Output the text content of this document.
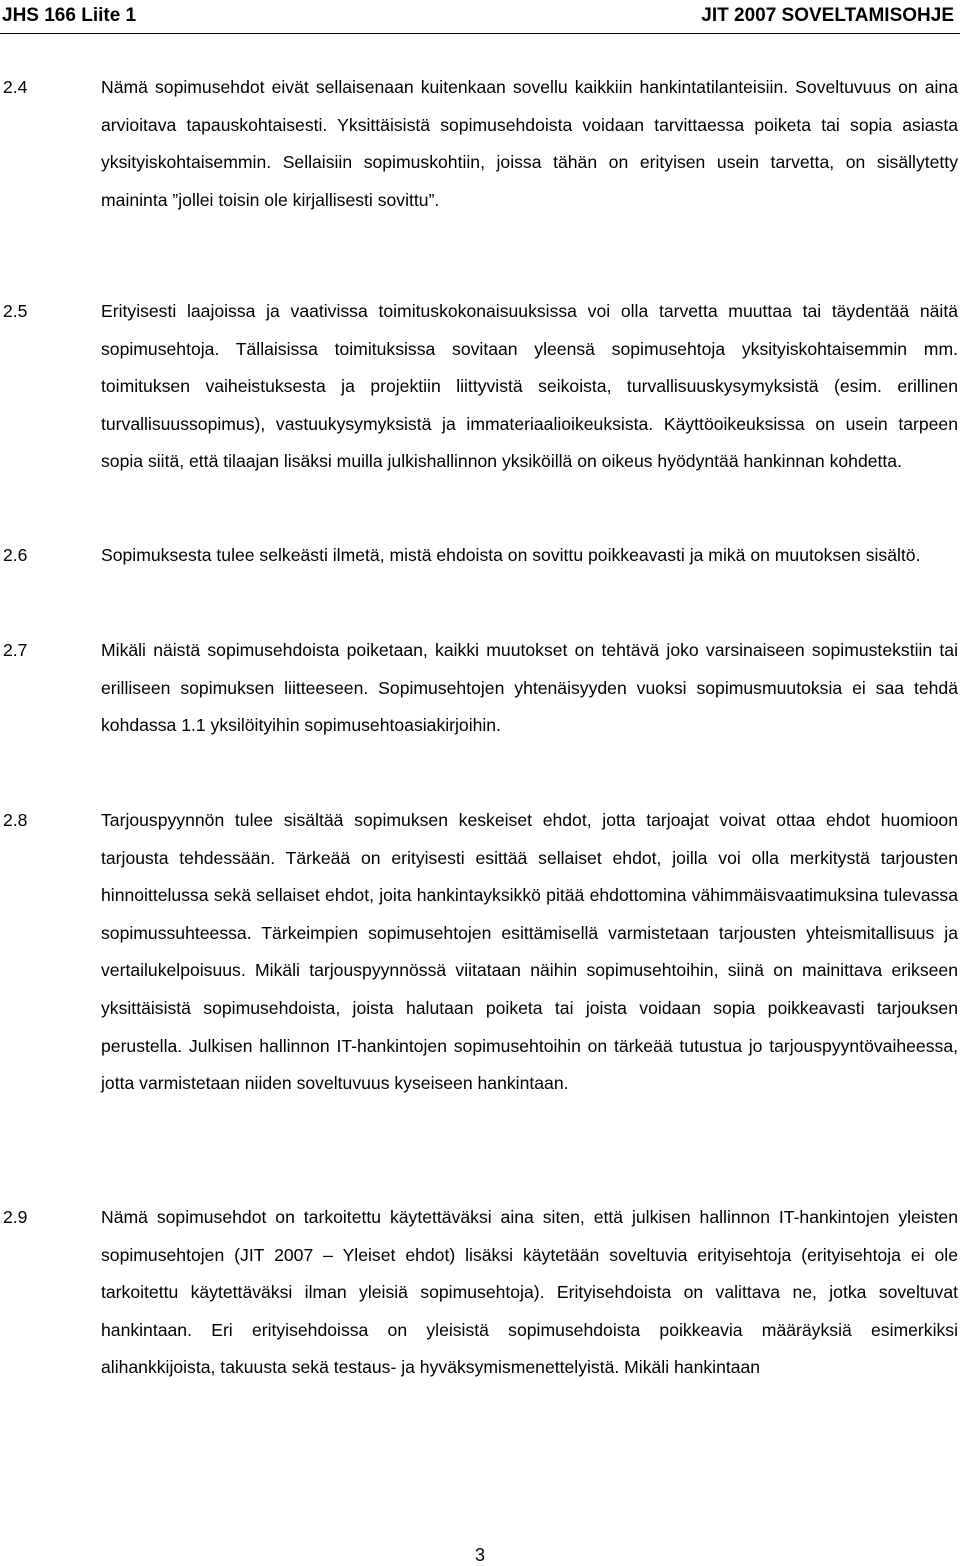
JHS 166 Liite 1	JIT 2007 SOVELTAMISOHJE
2.4	Nämä sopimusehdot eivät sellaisenaan kuitenkaan sovellu kaikkiin hankintatilanteisiin. Soveltuvuus on aina arvioitava tapauskohtaisesti. Yksittäisistä sopimusehdoista voidaan tarvittaessa poiketa tai sopia asiasta yksityiskohtaisemmin. Sellaisiin sopimuskohtiin, joissa tähän on erityisen usein tarvetta, on sisällytetty maininta ”jollei toisin ole kirjallisesti sovittu”.
2.5	Erityisesti laajoissa ja vaativissa toimituskokonaisuuksissa voi olla tarvetta muuttaa tai täydentää näitä sopimusehtoja. Tällaisissa toimituksissa sovitaan yleensä sopimusehtoja yksityiskohtaisemmin mm. toimituksen vaiheistuksesta ja projektiin liittyvistä seikoista, turvallisuuskysymyksistä (esim. erillinen turvallisuussopimus), vastuukysymyksistä ja immateriaalioikeuksista. Käyttöoikeuksissa on usein tarpeen sopia siitä, että tilaajan lisäksi muilla julkishallinnon yksiköillä on oikeus hyödyntää hankinnan kohdetta.
2.6	Sopimuksesta tulee selkeästi ilmetä, mistä ehdoista on sovittu poikkeavasti ja mikä on muutoksen sisältö.
2.7	Mikäli näistä sopimusehdoista poiketaan, kaikki muutokset on tehtävä joko varsinaiseen sopimustekstiin tai erilliseen sopimuksen liitteeseen. Sopimusehtojen yhtenäisyyden vuoksi sopimusmuutoksia ei saa tehdä kohdassa 1.1 yksilöityihin sopimusehtoasiakirjoihin.
2.8	Tarjouspyynnön tulee sisältää sopimuksen keskeiset ehdot, jotta tarjoajat voivat ottaa ehdot huomioon tarjousta tehdessään. Tärkeää on erityisesti esittää sellaiset ehdot, joilla voi olla merkitystä tarjousten hinnoittelussa sekä sellaiset ehdot, joita hankintayksikkö pitää ehdottomina vähimmäisvaatimuksina tulevassa sopimussuhteessa. Tärkeimpien sopimusehtojen esittämisellä varmistetaan tarjousten yhteismitallisuus ja vertailukelpoisuus. Mikäli tarjouspyynnössä viitataan näihin sopimusehtoihin, siinä on mainittava erikseen yksittäisistä sopimusehdoista, joista halutaan poiketa tai joista voidaan sopia poikkeavasti tarjouksen perustella. Julkisen hallinnon IT-hankintojen sopimusehtoihin on tärkeää tutustua jo tarjouspyyntövaiheessa, jotta varmistetaan niiden soveltuvuus kyseiseen hankintaan.
2.9	Nämä sopimusehdot on tarkoitettu käytettäväksi aina siten, että julkisen hallinnon IT-hankintojen yleisten sopimusehtojen (JIT 2007 – Yleiset ehdot) lisäksi käytetään soveltuvia erityisehtoja (erityisehtoja ei ole tarkoitettu käytettäväksi ilman yleisiä sopimusehtoja). Erityisehdoista on valittava ne, jotka soveltuvat hankintaan. Eri erityisehdoissa on yleisistä sopimusehdoista poikkeavia määräyksiä esimerkiksi alihankkijoista, takuusta sekä testaus- ja hyväksymismenettelyistä. Mikäli hankintaan
3
